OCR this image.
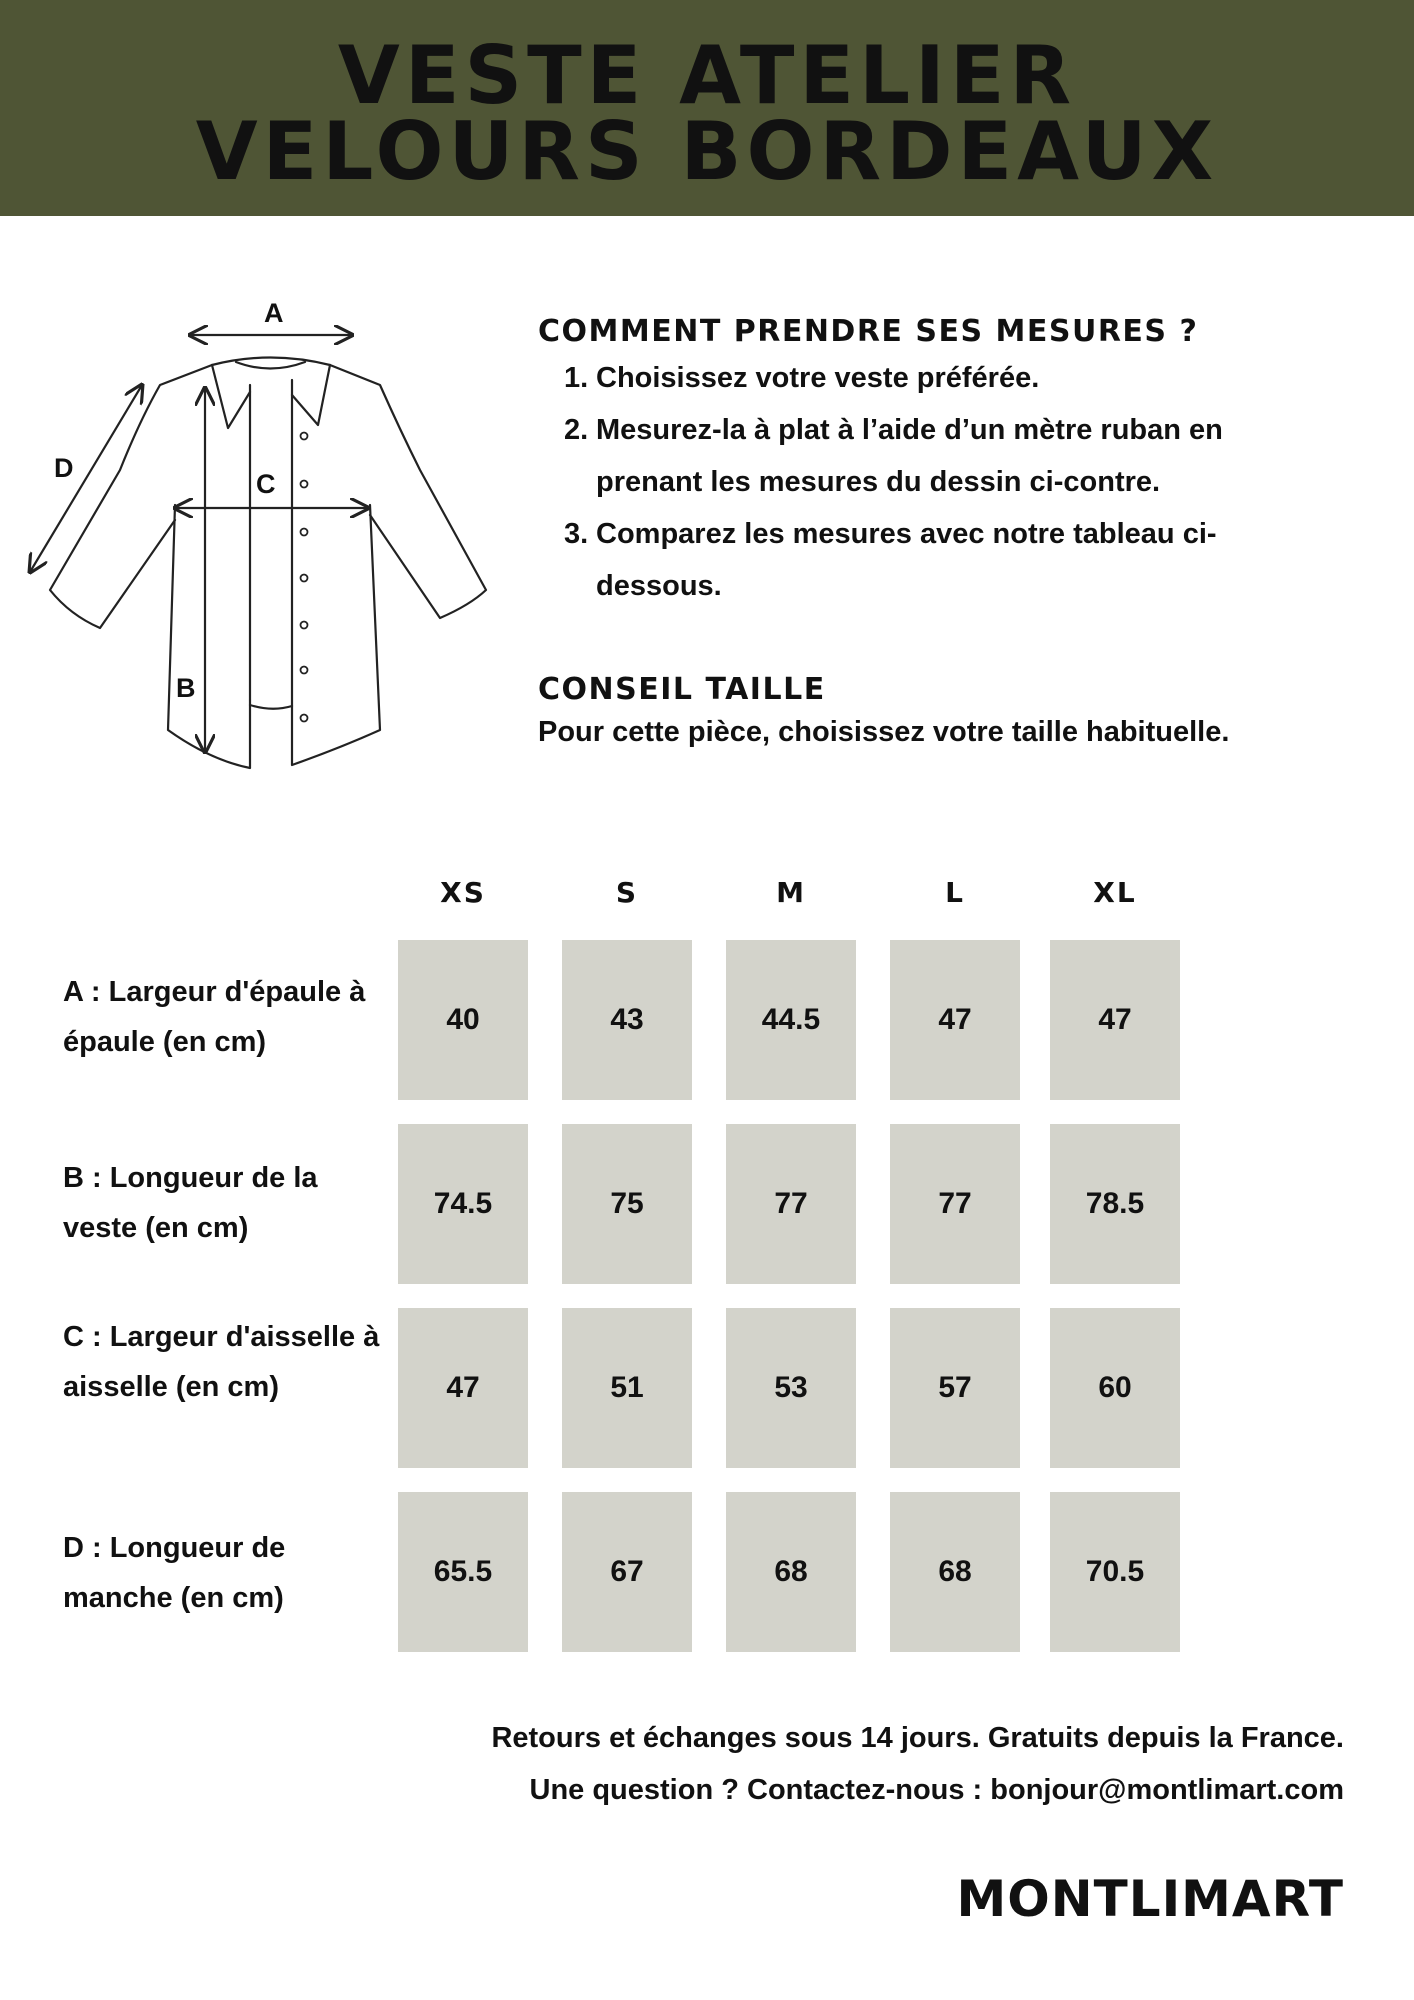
VESTE ATELIER
VELOURS BORDEAUX
A
B
C
D
COMMENT PRENDRE SES MESURES ?
1. Choisissez votre veste préférée.
2. Mesurez-la à plat à l’aide d’un mètre ruban en prenant les mesures du dessin ci-contre.
3. Comparez les mesures avec notre tableau ci-dessous.
CONSEIL TAILLE
Pour cette pièce, choisissez votre taille habituelle.
XS	S	M	L	XL
A : Largeur d'épaule à épaule (en cm)
40	43	44.5	47	47
B : Longueur de la veste (en cm)
74.5	75	77	77	78.5
C : Largeur d'aisselle à aisselle (en cm)	47	51	53	57	60
D : Longueur de manche (en cm)
65.5	67	68	68	70.5
Retours et échanges sous 14 jours. Gratuits depuis la France.
Une question ? Contactez-nous : bonjour@montlimart.com
MONTLIMART
